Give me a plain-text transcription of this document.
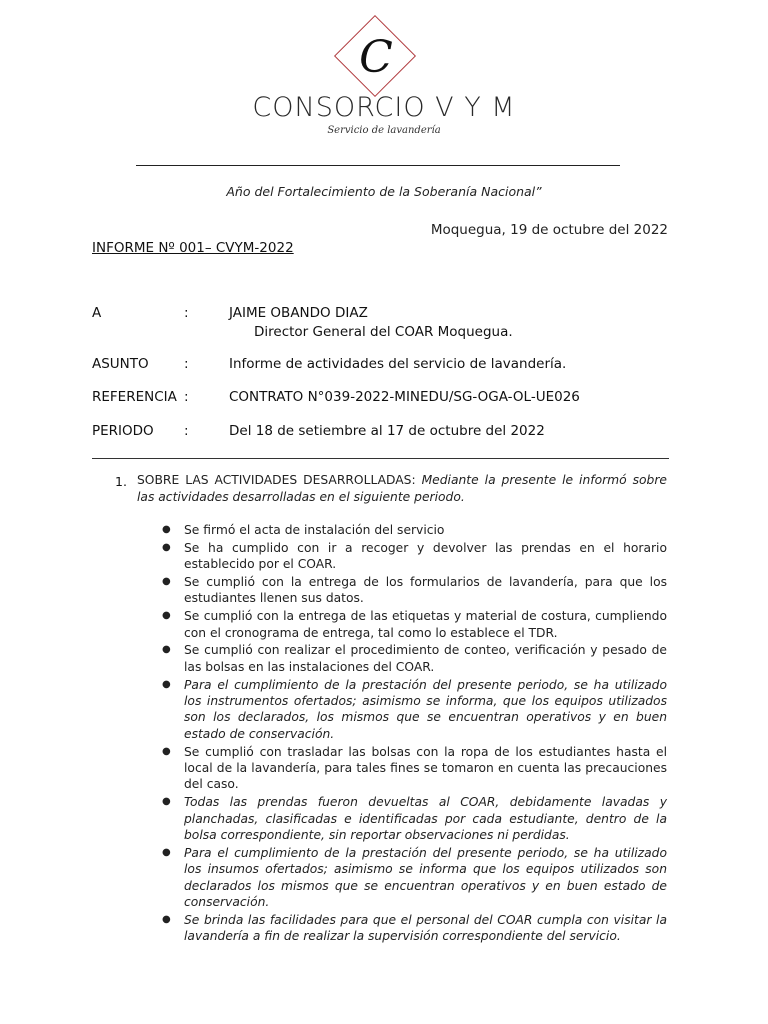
C
CONSORCIO V Y M
Servicio de lavandería
Año del Fortalecimiento de la Soberanía Nacional”
Moquegua, 19 de octubre del 2022
INFORME Nº 001– CVYM-2022
A	:	JAIME OBANDO DIAZ
Director General del COAR Moquegua.
ASUNTO	:	Informe de actividades del servicio de lavandería.
REFERENCIA :	CONTRATO N°039-2022-MINEDU/SG-OGA-OL-UE026
PERIODO :	Del 18 de setiembre al 17 de octubre del 2022
1. SOBRE LAS ACTIVIDADES DESARROLLADAS: Mediante la presente le informó sobre las actividades desarrolladas en el siguiente periodo.
● Se firmó el acta de instalación del servicio
● Se ha cumplido con ir a recoger y devolver las prendas en el horario establecido por el COAR.
● Se cumplió con la entrega de los formularios de lavandería, para que los estudiantes llenen sus datos.
● Se cumplió con la entrega de las etiquetas y material de costura, cumpliendo con el cronograma de entrega, tal como lo establece el TDR.
● Se cumplió con realizar el procedimiento de conteo, verificación y pesado de las bolsas en las instalaciones del COAR.
● Para el cumplimiento de la prestación del presente periodo, se ha utilizado los instrumentos ofertados; asimismo se informa, que los equipos utilizados son los declarados, los mismos que se encuentran operativos y en buen estado de conservación.
● Se cumplió con trasladar las bolsas con la ropa de los estudiantes hasta el local de la lavandería, para tales fines se tomaron en cuenta las precauciones del caso.
● Todas las prendas fueron devueltas al COAR, debidamente lavadas y planchadas, clasificadas e identificadas por cada estudiante, dentro de la bolsa correspondiente, sin reportar observaciones ni perdidas.
● Para el cumplimiento de la prestación del presente periodo, se ha utilizado los insumos ofertados; asimismo se informa que los equipos utilizados son declarados los mismos que se encuentran operativos y en buen estado de conservación.
● Se brinda las facilidades para que el personal del COAR cumpla con visitar la lavandería a fin de realizar la supervisión correspondiente del servicio.
